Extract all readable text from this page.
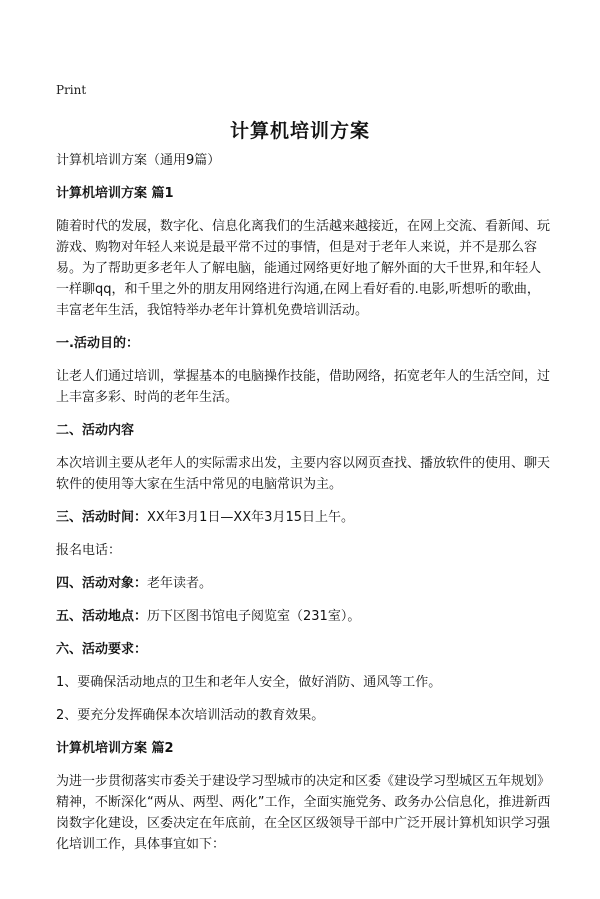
Print
计算机培训方案

计算机培训方案（通用9篇）

计算机培训方案 篇1

随着时代的发展，数字化、信息化离我们的生活越来越接近，在网上交流、看新闻、玩游戏、购物对年轻人来说是最平常不过的事情，但是对于老年人来说，并不是那么容易。为了帮助更多老年人了解电脑，能通过网络更好地了解外面的大千世界,和年轻人一样聊qq，和千里之外的朋友用网络进行沟通,在网上看好看的.电影,听想听的歌曲，丰富老年生活，我馆特举办老年计算机免费培训活动。

一.活动目的：

让老人们通过培训，掌握基本的电脑操作技能，借助网络，拓宽老年人的生活空间，过上丰富多彩、时尚的老年生活。

二、活动内容

本次培训主要从老年人的实际需求出发，主要内容以网页查找、播放软件的使用、聊天软件的使用等大家在生活中常见的电脑常识为主。

三、活动时间：XX年3月1日—XX年3月15日上午。

报名电话：

四、活动对象：老年读者。

五、活动地点：历下区图书馆电子阅览室（231室）。

六、活动要求：

1、要确保活动地点的卫生和老年人安全，做好消防、通风等工作。

2、要充分发挥确保本次培训活动的教育效果。

计算机培训方案 篇2

为进一步贯彻落实市委关于建设学习型城市的决定和区委《建设学习型城区五年规划》精神，不断深化“两从、两型、两化”工作，全面实施党务、政务办公信息化，推进新西岗数字化建设，区委决定在年底前，在全区区级领导干部中广泛开展计算机知识学习强化培训工作，具体事宜如下：
